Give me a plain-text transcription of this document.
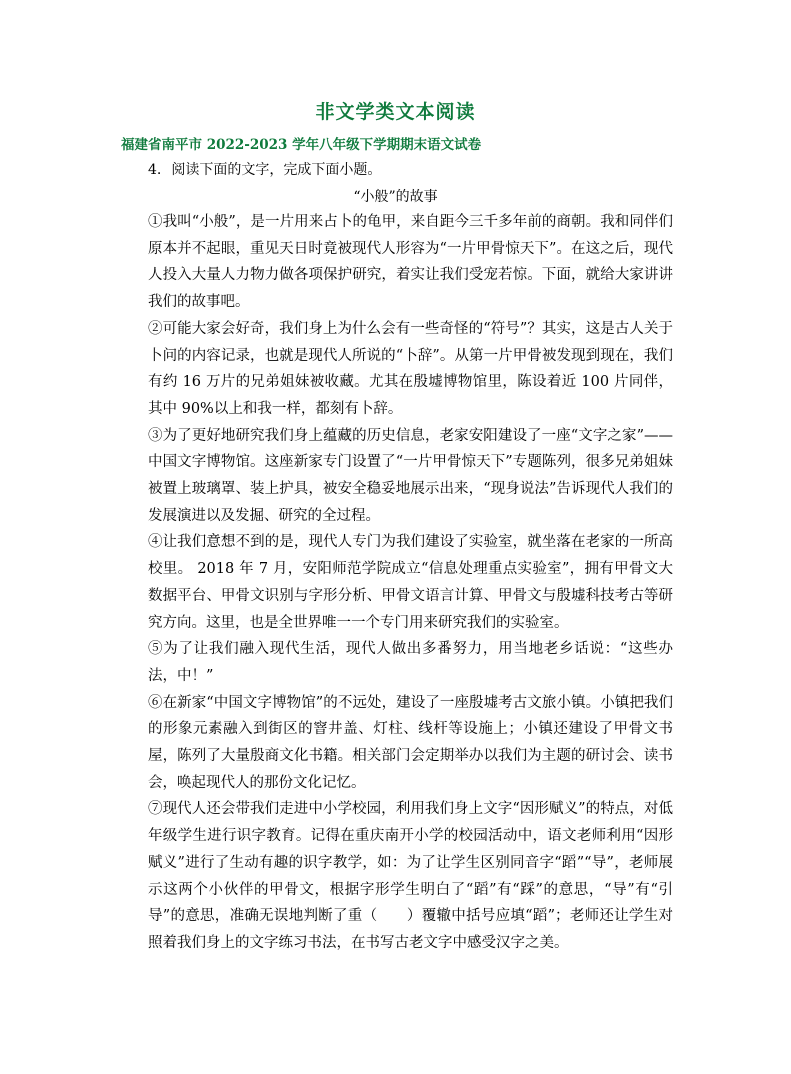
非文学类文本阅读
福建省南平市 2022-2023 学年八年级下学期期末语文试卷
4. 阅读下面的文字，完成下面小题。
“小般”的故事

①我叫“小般”，是一片用来占卜的龟甲，来自距今三千多年前的商朝。我和同伴们原本并不起眼，重见天日时竟被现代人形容为“一片甲骨惊天下”。在这之后，现代人投入大量人力物力做各项保护研究，着实让我们受宠若惊。下面，就给大家讲讲我们的故事吧。

②可能大家会好奇，我们身上为什么会有一些奇怪的“符号”？其实，这是古人关于卜问的内容记录，也就是现代人所说的“卜辞”。从第一片甲骨被发现到现在，我们有约 16 万片的兄弟姐妹被收藏。尤其在殷墟博物馆里，陈设着近 100 片同伴，其中 90%以上和我一样，都刻有卜辞。

③为了更好地研究我们身上蕴藏的历史信息，老家安阳建设了一座“文字之家”——中国文字博物馆。这座新家专门设置了“一片甲骨惊天下”专题陈列，很多兄弟姐妹被置上玻璃罩、装上护具，被安全稳妥地展示出来，“现身说法”告诉现代人我们的发展演进以及发掘、研究的全过程。

④让我们意想不到的是，现代人专门为我们建设了实验室，就坐落在老家的一所高校里。 2018 年 7 月，安阳师范学院成立“信息处理重点实验室”，拥有甲骨文大数据平台、甲骨文识别与字形分析、甲骨文语言计算、甲骨文与殷墟科技考古等研究方向。这里，也是全世界唯一一个专门用来研究我们的实验室。

⑤为了让我们融入现代生活，现代人做出多番努力，用当地老乡话说：“这些办法，中！”

⑥在新家“中国文字博物馆”的不远处，建设了一座殷墟考古文旅小镇。小镇把我们的形象元素融入到街区的窨井盖、灯柱、线杆等设施上；小镇还建设了甲骨文书屋，陈列了大量殷商文化书籍。相关部门会定期举办以我们为主题的研讨会、读书会，唤起现代人的那份文化记忆。

⑦现代人还会带我们走进中小学校园，利用我们身上文字“因形赋义”的特点，对低年级学生进行识字教育。记得在重庆南开小学的校园活动中，语文老师利用“因形赋义”进行了生动有趣的识字教学，如：为了让学生区别同音字“蹈”“导”，老师展示这两个小伙伴的甲骨文，根据字形学生明白了“蹈”有“踩”的意思，“导”有“引导”的意思，准确无误地判断了重（　　）覆辙中括号应填“蹈”；老师还让学生对照着我们身上的文字练习书法，在书写古老文字中感受汉字之美。
